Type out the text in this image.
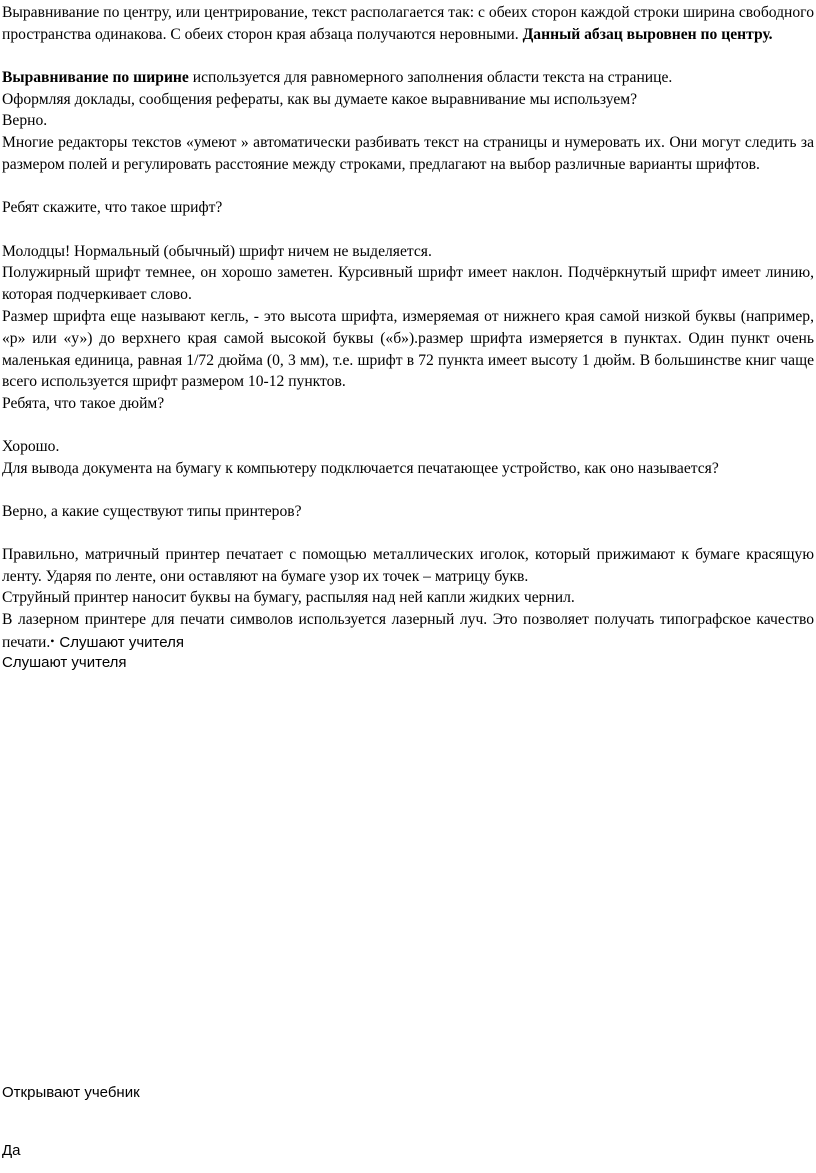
Выравнивание по центру, или центрирование, текст располагается так: с обеих сторон каждой строки ширина свободного пространства одинакова. С обеих сторон края абзаца получаются неровными. Данный абзац выровнен по центру.

Выравнивание по ширине используется для равномерного заполнения области текста на странице.

Оформляя доклады, сообщения рефераты, как вы думаете какое выравнивание мы используем?

Верно.

Многие редакторы текстов «умеют » автоматически разбивать текст на страницы и нумеровать их. Они могут следить за размером полей и регулировать расстояние между строками, предлагают на выбор различные варианты шрифтов.

Ребят скажите, что такое шрифт?

Молодцы! Нормальный (обычный) шрифт ничем не выделяется.

Полужирный шрифт темнее, он хорошо заметен. Курсивный шрифт имеет наклон. Подчёркнутый шрифт имеет линию, которая подчеркивает слово.

Размер шрифта еще называют кегль, - это высота шрифта, измеряемая от нижнего края самой низкой буквы (например, «р» или «у») до верхнего края самой высокой буквы («б»).размер шрифта измеряется в пунктах. Один пункт очень маленькая единица, равная 1/72 дюйма (0, 3 мм), т.е. шрифт в 72 пункта имеет высоту 1 дюйм. В большинстве книг чаще всего используется шрифт размером 10-12 пунктов.

Ребята, что такое дюйм?

Хорошо.

Для вывода документа на бумагу к компьютеру подключается печатающее устройство, как оно называется?

Верно, а какие существуют типы принтеров?

Правильно, матричный принтер печатает с помощью металлических иголок, который прижимают к бумаге красящую ленту. Ударяя по ленте, они оставляют на бумаге узор их точек – матрицу букв.

Струйный принтер наносит буквы на бумагу, распыляя над ней капли жидких чернил.

В лазерном принтере для печати символов используется лазерный луч. Это позволяет получать типографское качество печати.• Слушают учителя

Слушают учителя

Открывают учебник

Да
